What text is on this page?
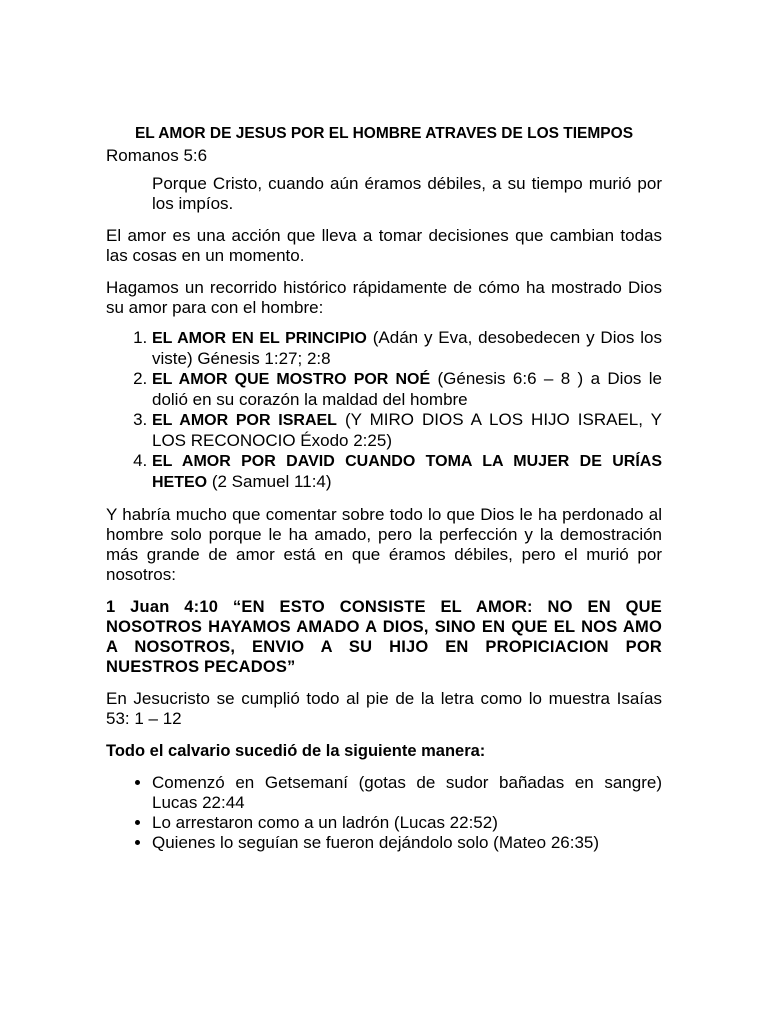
EL AMOR DE JESUS POR EL HOMBRE ATRAVES DE LOS TIEMPOS

Romanos 5:6

Porque Cristo, cuando aún éramos débiles, a su tiempo murió por los impíos.

El amor es una acción que lleva a tomar decisiones que cambian todas las cosas en un momento.

Hagamos un recorrido histórico rápidamente de cómo ha mostrado Dios su amor para con el hombre:

1. EL AMOR EN EL PRINCIPIO (Adán y Eva, desobedecen y Dios los viste) Génesis 1:27; 2:8
2. EL AMOR QUE MOSTRO POR NOÉ (Génesis 6:6 – 8 ) a Dios le dolió en su corazón la maldad del hombre
3. EL AMOR POR ISRAEL (Y MIRO DIOS A LOS HIJO ISRAEL, Y LOS RECONOCIO Éxodo 2:25)
4. EL AMOR POR DAVID CUANDO TOMA LA MUJER DE URÍAS HETEO (2 Samuel 11:4)

Y habría mucho que comentar sobre todo lo que Dios le ha perdonado al hombre solo porque le ha amado, pero la perfección y la demostración más grande de amor está en que éramos débiles, pero el murió por nosotros:

1 Juan 4:10 “EN ESTO CONSISTE EL AMOR: NO EN QUE NOSOTROS HAYAMOS AMADO A DIOS, SINO EN QUE EL NOS AMO A NOSOTROS, ENVIO A SU HIJO EN PROPICIACION POR NUESTROS PECADOS”

En Jesucristo se cumplió todo al pie de la letra como lo muestra Isaías 53: 1 – 12

Todo el calvario sucedió de la siguiente manera:

• Comenzó en Getsemaní (gotas de sudor bañadas en sangre) Lucas 22:44
• Lo arrestaron como a un ladrón (Lucas 22:52)
• Quienes lo seguían se fueron dejándolo solo (Mateo 26:35)
